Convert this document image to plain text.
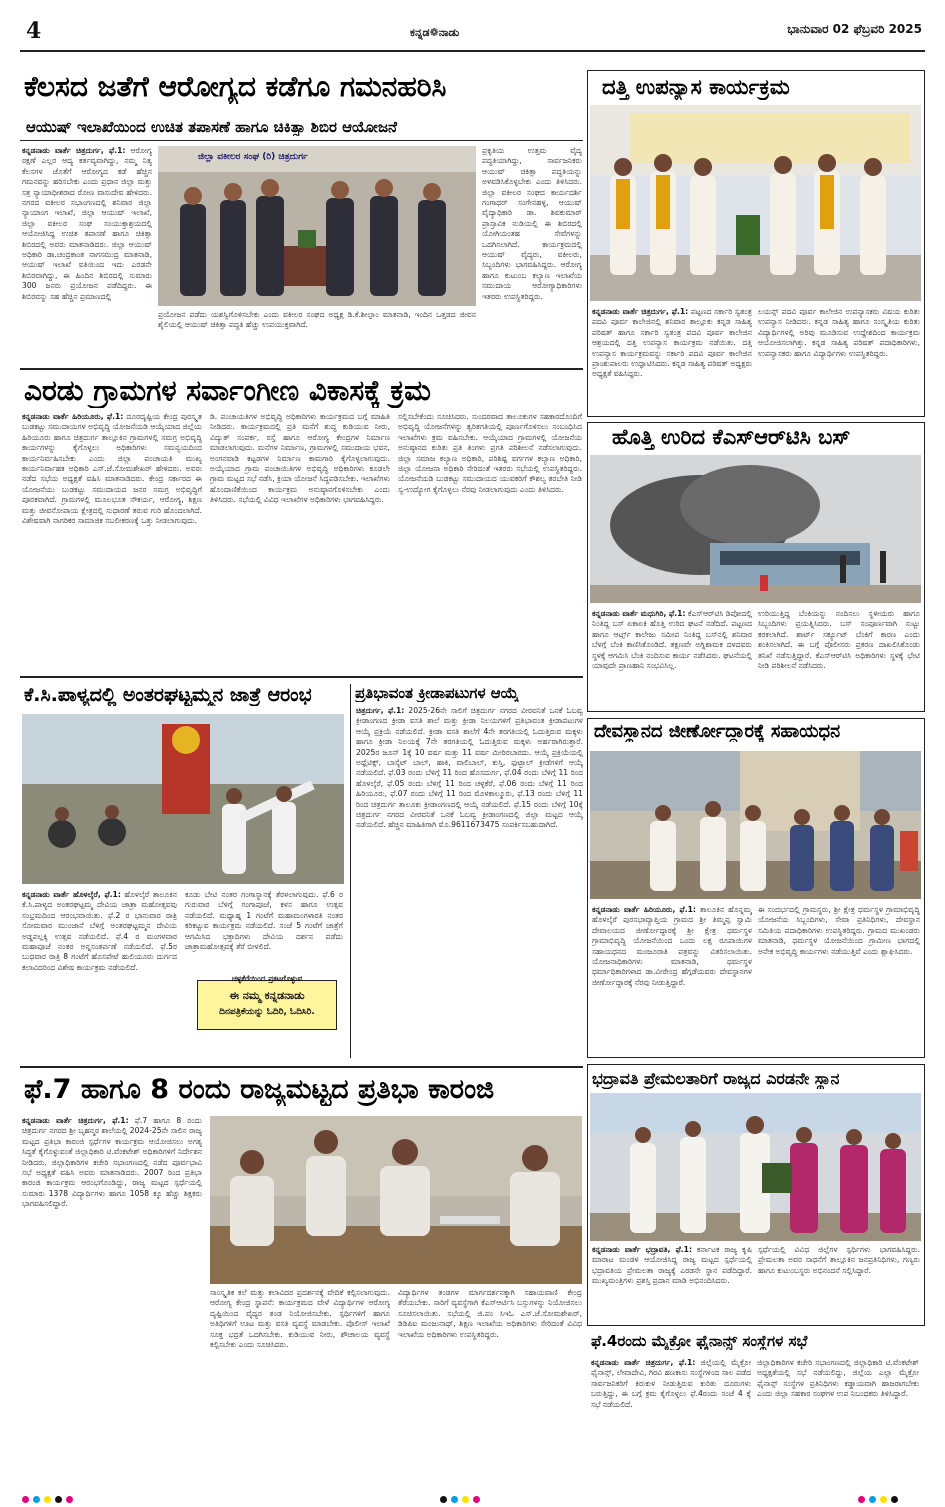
4	ಕನ್ನಡ❁ನಾಡು	ಭಾನುವಾರ 02 ಫೆಬ್ರವರಿ 2025
ಕೆಲಸದ ಜತೆಗೆ ಆರೋಗ್ಯದ ಕಡೆಗೂ ಗಮನಹರಿಸಿ
ಆಯುಷ್ ಇಲಾಖೆಯಿಂದ ಉಚಿತ ತಪಾಸಣೆ ಹಾಗೂ ಚಿಕಿತ್ಸಾ ಶಿಬಿರ ಆಯೋಜನೆ
ಕನ್ನಡನಾಡು ವಾರ್ತೆ ಚಿತ್ರದುರ್ಗ, ಫೆ.1: ಆರೋಗ್ಯ ರಕ್ಷಣೆ ಎಲ್ಲರ ಆದ್ಯ ಕರ್ತವ್ಯವಾಗಿದ್ದು, ನಮ್ಮ ನಿತ್ಯ ಕೆಲಸಗಳ ಜೊತೆಗೆ ಆರೋಗ್ಯದ ಕಡೆ ಹೆಚ್ಚಿನ ಗಮನವನ್ನು ಹರಿಸಬೇಕು ಎಂದು ಪ್ರಧಾನ ಜಿಲ್ಲಾ ಮತ್ತು ಸತ್ರ ನ್ಯಾಯಾಧೀಶರಾದ ರೋಣ ವಾಸುದೇವ ಹೇಳಿದರು. ನಗರದ ವಕೀಲರ ಸಭಾಂಗಣದಲ್ಲಿ ಶನಿವಾರ ಜಿಲ್ಲಾ ನ್ಯಾಯಾಂಗ ಇಲಾಖೆ, ಜಿಲ್ಲಾ ಆಯುಷ್ ಇಲಾಖೆ, ಜಿಲ್ಲಾ ವಕೀಲರ ಸಂಘ ಸಂಯುಕ್ತಾಶ್ರಯದಲ್ಲಿ ಆಯೋಜಿಸಿದ್ದ ಉಚಿತ ತಪಾಸಣೆ ಹಾಗೂ ಚಿಕಿತ್ಸಾ ಶಿಬಿರದಲ್ಲಿ ಅವರು ಮಾತನಾಡಿದರು. ಜಿಲ್ಲಾ ಆಯುಷ್ ಅಧಿಕಾರಿ ಡಾ.ಚಂದ್ರಕಾಂತ ನಾಗಸಮುದ್ರ ಮಾತನಾಡಿ, ಆಯುಷ್ ಇಲಾಖೆ ವತಿಯಿಂದ ಇದು ಎರಡನೇ ಶಿಬಿರವಾಗಿದ್ದು, ಈ ಹಿಂದಿನ ಶಿಬಿರದಲ್ಲಿ ಸುಮಾರು 300 ಜನರು ಪ್ರಯೋಜನ ಪಡೆದಿದ್ದರು. ಈ ಶಿಬಿರವನ್ನು ಸಹ ಹೆಚ್ಚಿನ ಪ್ರಮಾಣದಲ್ಲಿ
ಜಿಲ್ಲಾ ವಕೀಲರ ಸಂಘ (ರಿ) ಚಿತ್ರದುರ್ಗ
ಪ್ರಯೋಜನ ಪಡೆದು ಯಶಸ್ವಿಗೊಳಿಸಬೇಕು ಎಂದು ವಕೀಲರ ಸಂಘದ ಅಧ್ಯಕ್ಷ ಡಿ.ಕೆ.ಶೀಲ್ಪಾಂ ಮಾತನಾಡಿ, ಇಂದಿನ ಒತ್ತಡದ ಜೀವನ ಶೈಲಿಯಲ್ಲಿ ಆಯುಷ್ ಚಿಕಿತ್ಸಾ ಪದ್ಧತಿ ಹೆಚ್ಚು ಉಪಯುಕ್ತವಾಗಿದೆ.
ಪ್ರಕೃತಿಯ ಉತ್ತಮ ವೈದ್ಯ ಪದ್ಧತಿಯಾಗಿದ್ದು, ಸಾರ್ವಜನಿಕರು ಆಯುಷ್ ಚಿಕಿತ್ಸಾ ಪದ್ಧತಿಯನ್ನು ಅಳವಡಿಸಿಕೊಳ್ಳಬೇಕು ಎಂದು ತಿಳಿಸಿದರು. ಜಿಲ್ಲಾ ವಕೀಲರ ಸಂಘದ ಕಾರ್ಯದರ್ಶಿ ಗಂಗಾಧರ್ ಸಂಗೇನಹಳ್ಳಿ, ಆಯುಷ್ ವೈದ್ಯಾಧಿಕಾರಿ ಡಾ. ಶಿವಕುಮಾರ್ ಪ್ರಾಸ್ತಾವಿಕ ನುಡಿಯಲ್ಲಿ ಈ ಶಿಬಿರದಲ್ಲಿ ಯೋಗಿಯಂತಹ ಸೇವೆಗಳನ್ನು ಒದಗಿಸಲಾಗಿದೆ. ಕಾರ್ಯಕ್ರಮದಲ್ಲಿ ಆಯುಷ್ ವೈದ್ಯರು, ವಕೀಲರು, ಸಿಬ್ಬಂದಿಗಳು ಭಾಗವಹಿಸಿದ್ದರು. ಆರೋಗ್ಯ ಹಾಗೂ ಕುಟುಂಬ ಕಲ್ಯಾಣ ಇಲಾಖೆಯ ಸಮುದಾಯ ಆರೋಗ್ಯಾಧಿಕಾರಿಗಳು ಇತರರು ಉಪಸ್ಥಿತರಿದ್ದರು.
ದತ್ತಿ ಉಪನ್ಯಾಸ ಕಾರ್ಯಕ್ರಮ
ಕನ್ನಡನಾಡು ವಾರ್ತೆ ಚಿತ್ರದುರ್ಗ, ಫೆ.1: ಪಟ್ಟಣದ ಸರ್ಕಾರಿ ಸ್ವತಂತ್ರ ಪದವಿ ಪೂರ್ವ ಕಾಲೇಜಿನಲ್ಲಿ ಶನಿವಾರ ತಾಲ್ಲೂಕು ಕನ್ನಡ ಸಾಹಿತ್ಯ ಪರಿಷತ್ ಹಾಗೂ ಸರ್ಕಾರಿ ಸ್ವತಂತ್ರ ಪದವಿ ಪೂರ್ವ ಕಾಲೇಜಿನ ಆಶ್ರಯದಲ್ಲಿ ದತ್ತಿ ಉಪನ್ಯಾಸ ಕಾರ್ಯಕ್ರಮ ನಡೆಯಿತು. ದತ್ತಿ ಉಪನ್ಯಾಸ ಕಾರ್ಯಕ್ರಮವನ್ನು ಸರ್ಕಾರಿ ಪದವಿ ಪೂರ್ವ ಕಾಲೇಜಿನ ಪ್ರಾಂಶುಪಾಲರು ಉದ್ಘಾಟಿಸಿದರು. ಕನ್ನಡ ಸಾಹಿತ್ಯ ಪರಿಷತ್ ಅಧ್ಯಕ್ಷರು ಅಧ್ಯಕ್ಷತೆ ವಹಿಸಿದ್ದರು.
ಲಯನ್ಸ್ ಪದವಿ ಪೂರ್ವ ಕಾಲೇಜಿನ ಉಪನ್ಯಾಸಕರು ವಿಷಯ ಕುರಿತು ಉಪನ್ಯಾಸ ನೀಡಿದರು. ಕನ್ನಡ ಸಾಹಿತ್ಯ ಹಾಗೂ ಸಂಸ್ಕೃತಿಯ ಕುರಿತು ವಿದ್ಯಾರ್ಥಿಗಳಲ್ಲಿ ಅರಿವು ಮೂಡಿಸುವ ಉದ್ದೇಶದಿಂದ ಕಾರ್ಯಕ್ರಮ ಆಯೋಜಿಸಲಾಗಿತ್ತು. ಕನ್ನಡ ಸಾಹಿತ್ಯ ಪರಿಷತ್ ಪದಾಧಿಕಾರಿಗಳು, ಉಪನ್ಯಾಸಕರು ಹಾಗೂ ವಿದ್ಯಾರ್ಥಿಗಳು ಉಪಸ್ಥಿತರಿದ್ದರು.
ಎರಡು ಗ್ರಾಮಗಳ ಸರ್ವಾಂಗೀಣ ವಿಕಾಸಕ್ಕೆ ಕ್ರಮ
ಕನ್ನಡನಾಡು ವಾರ್ತೆ ಹಿರಿಯೂರು, ಫೆ.1: ದೂರದೃಷ್ಟಿಯ ಕೇಂದ್ರ ಪುರಸ್ಕೃತ ಬುಡಕಟ್ಟು ಸಮುದಾಯಗಳ ಅಭಿವೃದ್ಧಿ ಯೋಜನೆಯಡಿ ಆಯ್ಕೆಯಾದ ಜಿಲ್ಲೆಯ ಹಿರಿಯೂರು ಹಾಗೂ ಚಿತ್ರದುರ್ಗ ತಾಲ್ಲೂಕಿನ ಗ್ರಾಮಗಳಲ್ಲಿ ಸಮಗ್ರ ಅಭಿವೃದ್ಧಿ ಕಾರ್ಯಗಳನ್ನು ಕೈಗೊಳ್ಳಲು ಅಧಿಕಾರಿಗಳು ಸಮನ್ವಯದಿಂದ ಕಾರ್ಯನಿರ್ವಹಿಸಬೇಕು ಎಂದು ಜಿಲ್ಲಾ ಪಂಚಾಯತಿ ಮುಖ್ಯ ಕಾರ್ಯನಿರ್ವಾಹಕ ಅಧಿಕಾರಿ ಎಸ್.ಜೆ.ಸೋಮಶೇಖರ್ ಹೇಳಿದರು. ಅವರು ನಡೆದ ಸಭೆಯ ಅಧ್ಯಕ್ಷತೆ ವಹಿಸಿ ಮಾತನಾಡಿದರು. ಕೇಂದ್ರ ಸರ್ಕಾರದ ಈ ಯೋಜನೆಯು ಬುಡಕಟ್ಟು ಸಮುದಾಯದ ಜನರ ಸಮಗ್ರ ಅಭಿವೃದ್ಧಿಗೆ ಪೂರಕವಾಗಿದೆ. ಗ್ರಾಮಗಳಲ್ಲಿ ಮೂಲಭೂತ ಸೌಕರ್ಯ, ಆರೋಗ್ಯ, ಶಿಕ್ಷಣ ಮತ್ತು ಜೀವನೋಪಾಯ ಕ್ಷೇತ್ರದಲ್ಲಿ ಸುಧಾರಣೆ ತರುವ ಗುರಿ ಹೊಂದಲಾಗಿದೆ. ವಿಶೇಷವಾಗಿ ನಾಗರಿಕರ ಸಾಮಾಜಿಕ ಸಬಲೀಕರಣಕ್ಕೆ ಒತ್ತು ನೀಡಲಾಗುವುದು.
ಡಿ. ಪಂಚಾಯತಿಗಳ ಅಭಿವೃದ್ಧಿ ಅಧಿಕಾರಿಗಳು ಕಾರ್ಯಕ್ರಮದ ಬಗ್ಗೆ ಮಾಹಿತಿ ನೀಡಿದರು. ಕಾರ್ಯಕ್ರಮದಲ್ಲಿ ಪ್ರತಿ ಮನೆಗೆ ಶುದ್ಧ ಕುಡಿಯುವ ನೀರು, ವಿದ್ಯುತ್ ಸಂಪರ್ಕ, ರಸ್ತೆ ಹಾಗೂ ಆರೋಗ್ಯ ಕೇಂದ್ರಗಳ ನಿರ್ಮಾಣ ಮಾಡಲಾಗುವುದು. ಮನೆಗಳ ನಿರ್ಮಾಣ, ಗ್ರಾಮಗಳಲ್ಲಿ ಸಮುದಾಯ ಭವನ, ಅಂಗನವಾಡಿ ಕಟ್ಟಡಗಳ ನಿರ್ಮಾಣ ಕಾಮಗಾರಿ ಕೈಗೊಳ್ಳಲಾಗುವುದು. ಅಯ್ಕೆಯಾದ ಗ್ರಾಮ ಪಂಚಾಯಿತಿಗಳ ಅಭಿವೃದ್ಧಿ ಅಧಿಕಾರಿಗಳು ಕೂಡಲೇ ಗ್ರಾಮ ಮಟ್ಟದ ಸಭೆ ನಡೆಸಿ, ಕ್ರಿಯಾ ಯೋಜನೆ ಸಿದ್ಧಪಡಿಸಬೇಕು. ಇಲಾಖೆಗಳು ಹೊಂದಾಣಿಕೆಯಿಂದ ಕಾರ್ಯಕ್ರಮ ಅನುಷ್ಠಾನಗೊಳಿಸಬೇಕು ಎಂದು ತಿಳಿಸಿದರು. ಸಭೆಯಲ್ಲಿ ವಿವಿಧ ಇಲಾಖೆಗಳ ಅಧಿಕಾರಿಗಳು ಭಾಗವಹಿಸಿದ್ದರು.
ಸಲ್ಲಿಸಬೇಕೆಂದು ಸೂಚಿಸಿದರು. ಸುಂದರವಾದ ತಾಲೂಕುಗಳ ಸಹಕಾರದೊಂದಿಗೆ ಅಭಿವೃದ್ಧಿ ಯೋಜನೆಗಳನ್ನು ತ್ವರಿತಗತಿಯಲ್ಲಿ ಪೂರ್ಣಗೊಳಿಸಲು ಸಂಬಂಧಿಸಿದ ಇಲಾಖೆಗಳು ಕ್ರಮ ವಹಿಸಬೇಕು. ಆಯ್ಕೆಯಾದ ಗ್ರಾಮಗಳಲ್ಲಿ ಯೋಜನೆಯ ಅನುಷ್ಠಾನದ ಕುರಿತು ಪ್ರತಿ ತಿಂಗಳು ಪ್ರಗತಿ ಪರಿಶೀಲನೆ ನಡೆಸಲಾಗುವುದು. ಜಿಲ್ಲಾ ಸಮಾಜ ಕಲ್ಯಾಣ ಅಧಿಕಾರಿ, ಪರಿಶಿಷ್ಟ ವರ್ಗಗಳ ಕಲ್ಯಾಣ ಅಧಿಕಾರಿ, ಜಿಲ್ಲಾ ಯೋಜನಾ ಅಧಿಕಾರಿ ಸೇರಿದಂತೆ ಇತರರು ಸಭೆಯಲ್ಲಿ ಉಪಸ್ಥಿತರಿದ್ದರು. ಯೋಜನೆಯಡಿ ಬುಡಕಟ್ಟು ಸಮುದಾಯದ ಯುವಕರಿಗೆ ಕೌಶಲ್ಯ ತರಬೇತಿ ನೀಡಿ ಸ್ವ-ಉದ್ಯೋಗ ಕೈಗೊಳ್ಳಲು ನೆರವು ನೀಡಲಾಗುವುದು ಎಂದು ತಿಳಿಸಿದರು.
ಹೊತ್ತಿ ಉರಿದ ಕೆಎಸ್ಆರ್‌ಟಿಸಿ ಬಸ್
ಕನ್ನಡನಾಡು ವಾರ್ತೆ ಮಧುಗಿರಿ, ಫೆ.1: ಕೆಎಸ್ಆರ್‌ಟಿಸಿ ಡಿಪೋದಲ್ಲಿ ನಿಂತಿದ್ದ ಬಸ್ ಏಕಾಏಕಿ ಹೊತ್ತಿ ಉರಿದ ಘಟನೆ ನಡೆದಿದೆ. ಪಟ್ಟಣದ ಹಾಗೂ ಆರ್ಟ್ಸ್ ಕಾಲೇಜು ಸಮೀಪ ನಿಂತಿದ್ದ ಬಸ್‌ನಲ್ಲಿ ಶನಿವಾರ ಬೆಳಗ್ಗೆ ಬೆಂಕಿ ಕಾಣಿಸಿಕೊಂಡಿದೆ. ತಕ್ಷಣವೇ ಅಗ್ನಿಶಾಮಕ ದಳದವರು ಸ್ಥಳಕ್ಕೆ ಆಗಮಿಸಿ ಬೆಂಕಿ ನಂದಿಸುವ ಕಾರ್ಯ ನಡೆಸಿದರು. ಘಟನೆಯಲ್ಲಿ ಯಾವುದೇ ಪ್ರಾಣಹಾನಿ ಸಂಭವಿಸಿಲ್ಲ.
ಉರಿಯುತ್ತಿದ್ದ ಬೆಂಕಿಯನ್ನು ನಂದಿಸಲು ಸ್ಥಳೀಯರು ಹಾಗೂ ಸಿಬ್ಬಂದಿಗಳು ಪ್ರಯತ್ನಿಸಿದರು. ಬಸ್ ಸಂಪೂರ್ಣವಾಗಿ ಸುಟ್ಟು ಕರಕಲಾಗಿದೆ. ಶಾರ್ಟ್ ಸರ್ಕ್ಯೂಟ್ ಬೆಂಕಿಗೆ ಕಾರಣ ಎಂದು ಶಂಕಿಸಲಾಗಿದೆ. ಈ ಬಗ್ಗೆ ಪೊಲೀಸರು ಪ್ರಕರಣ ದಾಖಲಿಸಿಕೊಂಡು ತನಿಖೆ ನಡೆಸುತ್ತಿದ್ದಾರೆ. ಕೆಎಸ್ಆರ್‌ಟಿಸಿ ಅಧಿಕಾರಿಗಳು ಸ್ಥಳಕ್ಕೆ ಭೇಟಿ ನೀಡಿ ಪರಿಶೀಲನೆ ನಡೆಸಿದರು.
ಕೆ.ಸಿ.ಪಾಳ್ಯದಲ್ಲಿ ಅಂತರಘಟ್ಟಮ್ಮನ ಜಾತ್ರೆ ಆರಂಭ
ಕನ್ನಡನಾಡು ವಾರ್ತೆ ಹೊಳಲ್ಕೆರೆ, ಫೆ.1: ಹೊಳಲ್ಕೆರೆ ತಾಲೂಕಿನ ಕೆ.ಸಿ.ಪಾಳ್ಯದ ಅಂತರಘಟ್ಟಮ್ಮ ದೇವಿಯ ಜಾತ್ರಾ ಮಹೋತ್ಸವವು ಸಂಭ್ರಮದಿಂದ ಆರಂಭವಾಯಿತು. ಫೆ.2 ರ ಭಾನುವಾರ ರಾತ್ರಿ ಸೋಮವಾರ ಮುಂಜಾನೆ ಬೆಳಿಗ್ಗೆ ಅಂತರಘಟ್ಟಮ್ಮನ ದೇವಿಯ ಅಡ್ಡಪಲ್ಲಕ್ಕಿ ಉತ್ಸವ ನಡೆಯಲಿದೆ. ಫೆ.4 ರ ಮಂಗಳವಾರ ಮಹಾಪೂಜೆ ನಂತರ ಅನ್ನಸಂತರ್ಪಣೆ ನಡೆಯಲಿದೆ. ಫೆ.5ರ ಬುಧವಾರ ರಾತ್ರಿ 8 ಗಂಟೆಗೆ ಹೊಸಪೇಟೆ ಹುಲಿಯೂರು ದುರ್ಗದ ಕಲಾವಿದರಿಂದ ವಿಶೇಷ ಕಾರ್ಯಕ್ರಮ ನಡೆಯಲಿದೆ.
ಕೂಡು ಬೇಟಿ ನಂತರ ಗಂಗಾಸ್ನಾನಕ್ಕೆ ತೆರಳಲಾಗುವುದು. ಫೆ.6 ರ ಗುರುವಾರ ಬೆಳಿಗ್ಗೆ ಗಂಗಾಪೂಜೆ, ಕಳಸ ಹಾಗೂ ಉತ್ಸವ ನಡೆಯಲಿದೆ. ಮಧ್ಯಾಹ್ನ 1 ಗಂಟೆಗೆ ಮಹಾಮಂಗಳಾರತಿ ನಂತರ ಕರಿಕಟ್ಟುವ ಕಾರ್ಯಕ್ರಮ ನಡೆಯಲಿದೆ. ಸಂಜೆ 5 ಗಂಟೆಗೆ ಜಾತ್ರೆಗೆ ಆಗಮಿಸಿದ ಭಕ್ತಾದಿಗಳು ದೇವಿಯ ದರ್ಶನ ಪಡೆದು ಜಾತ್ರಾಮಹೋತ್ಸವಕ್ಕೆ ತೆರೆ ಬೀಳಲಿದೆ.
ಚಳ್ಳಕೆರೆಯಿಂದ ಪ್ರಕಟಗೊಳ್ಳುವ
ಈ ನಮ್ಮ ಕನ್ನಡನಾಡು
ದಿನಪತ್ರಿಕೆಯನ್ನು ಓದಿರಿ, ಓದಿಸಿರಿ.
ಪ್ರತಿಭಾವಂತ ಕ್ರೀಡಾಪಟುಗಳ ಆಯ್ಕೆ
ಚಿತ್ರದುರ್ಗ, ಫೆ.1: 2025-26ನೇ ಸಾಲಿಗೆ ಚಿತ್ರದುರ್ಗ ನಗರದ ವೀರವನಿತೆ ಒನಕೆ ಓಬವ್ವ ಕ್ರೀಡಾಂಗಣದ ಕ್ರೀಡಾ ವಸತಿ ಶಾಲೆ ಮತ್ತು ಕ್ರೀಡಾ ನಿಲಯಗಳಿಗೆ ಪ್ರತಿಭಾವಂತ ಕ್ರೀಡಾಪಟುಗಳ ಆಯ್ಕೆ ಪ್ರಕ್ರಿಯೆ ನಡೆಯಲಿದೆ. ಕ್ರೀಡಾ ವಸತಿ ಶಾಲೆಗೆ 4ನೇ ತರಗತಿಯಲ್ಲಿ ಓದುತ್ತಿರುವ ಮಕ್ಕಳು ಹಾಗೂ ಕ್ರೀಡಾ ನಿಲಯಕ್ಕೆ 7ನೇ ತರಗತಿಯಲ್ಲಿ ಓದುತ್ತಿರುವ ಮಕ್ಕಳು ಅರ್ಹರಾಗಿರುತ್ತಾರೆ. 2025ರ ಜೂನ್ 1ಕ್ಕೆ 10 ವರ್ಷ ಮತ್ತು 11 ವರ್ಷ ಮೀರಿರಬಾರದು. ಆಯ್ಕೆ ಪ್ರಕ್ರಿಯೆಯಲ್ಲಿ ಅಥ್ಲೆಟಿಕ್ಸ್, ಬಾಸ್ಕೆಟ್ ಬಾಲ್, ಹಾಕಿ, ವಾಲಿಬಾಲ್, ಕುಸ್ತಿ, ಫುಟ್ಬಾಲ್ ಕ್ರೀಡೆಗಳಿಗೆ ಆಯ್ಕೆ ನಡೆಯಲಿದೆ. ಫೆ.03 ರಂದು ಬೆಳಿಗ್ಗೆ 11 ರಿಂದ ಹೊಸದುರ್ಗ, ಫೆ.04 ರಂದು ಬೆಳಿಗ್ಗೆ 11 ರಿಂದ ಹೊಳಲ್ಕೆರೆ, ಫೆ.05 ರಂದು ಬೆಳಿಗ್ಗೆ 11 ರಿಂದ ಚಳ್ಳಕೆರೆ, ಫೆ.06 ರಂದು ಬೆಳಿಗ್ಗೆ 11 ರಿಂದ ಹಿರಿಯೂರು, ಫೆ.07 ರಂದು ಬೆಳಿಗ್ಗೆ 11 ರಿಂದ ಮೊಳಕಾಲ್ಮೂರು, ಫೆ.13 ರಂದು ಬೆಳಿಗ್ಗೆ 11 ರಿಂದ ಚಿತ್ರದುರ್ಗ ತಾಲೂಕು ಕ್ರೀಡಾಂಗಣದಲ್ಲಿ ಆಯ್ಕೆ ನಡೆಯಲಿದೆ. ಫೆ.15 ರಂದು ಬೆಳಿಗ್ಗೆ 10ಕ್ಕೆ ಚಿತ್ರದುರ್ಗ ನಗರದ ವೀರವನಿತೆ ಒನಕೆ ಓಬವ್ವ ಕ್ರೀಡಾಂಗಣದಲ್ಲಿ ಜಿಲ್ಲಾ ಮಟ್ಟದ ಆಯ್ಕೆ ನಡೆಯಲಿದೆ. ಹೆಚ್ಚಿನ ಮಾಹಿತಿಗಾಗಿ ಮೊ.9611673475 ಸಂಪರ್ಕಿಸಬಹುದಾಗಿದೆ.
ದೇವಸ್ಥಾನದ ಜೀರ್ಣೋದ್ಧಾರಕ್ಕೆ ಸಹಾಯಧನ
ಕನ್ನಡನಾಡು ವಾರ್ತೆ ಹಿರಿಯೂರು, ಫೆ.1: ತಾಲೂಕಿನ ಹೊನ್ನಮ್ಮ ಹೊಳಲ್ಕೆರೆ ಪುರಸಭಾವ್ಯಾಪ್ತಿಯ ಗ್ರಾಮದ ಶ್ರೀ ತಿಮ್ಮಪ್ಪ ಸ್ವಾಮಿ ದೇವಾಲಯದ ಜೀರ್ಣೋದ್ಧಾರಕ್ಕೆ ಶ್ರೀ ಕ್ಷೇತ್ರ ಧರ್ಮಸ್ಥಳ ಗ್ರಾಮಾಭಿವೃದ್ಧಿ ಯೋಜನೆಯಿಂದ ಒಂದು ಲಕ್ಷ ರೂಪಾಯಿಗಳ ಸಹಾಯಧನದ ಮಂಜೂರಾತಿ ಪತ್ರವನ್ನು ವಿತರಿಸಲಾಯಿತು. ಯೋಜನಾಧಿಕಾರಿಗಳು ಮಾತನಾಡಿ, ಧರ್ಮಸ್ಥಳ ಧರ್ಮಾಧಿಕಾರಿಗಳಾದ ಡಾ.ವೀರೇಂದ್ರ ಹೆಗ್ಗಡೆಯವರು ದೇವಸ್ಥಾನಗಳ ಜೀರ್ಣೋದ್ಧಾರಕ್ಕೆ ನೆರವು ನೀಡುತ್ತಿದ್ದಾರೆ.
ಈ ಸಂದರ್ಭದಲ್ಲಿ ಗ್ರಾಮಸ್ಥರು, ಶ್ರೀ ಕ್ಷೇತ್ರ ಧರ್ಮಸ್ಥಳ ಗ್ರಾಮಾಭಿವೃದ್ಧಿ ಯೋಜನೆಯ ಸಿಬ್ಬಂದಿಗಳು, ಸೇವಾ ಪ್ರತಿನಿಧಿಗಳು, ದೇವಸ್ಥಾನ ಸಮಿತಿಯ ಪದಾಧಿಕಾರಿಗಳು ಉಪಸ್ಥಿತರಿದ್ದರು. ಗ್ರಾಮದ ಮುಖಂಡರು ಮಾತನಾಡಿ, ಧರ್ಮಸ್ಥಳ ಯೋಜನೆಯಿಂದ ಗ್ರಾಮೀಣ ಭಾಗದಲ್ಲಿ ಅನೇಕ ಅಭಿವೃದ್ಧಿ ಕಾರ್ಯಗಳು ನಡೆಯುತ್ತಿವೆ ಎಂದು ಶ್ಲಾಘಿಸಿದರು.
ಫೆ.7 ಹಾಗೂ 8 ರಂದು ರಾಜ್ಯಮಟ್ಟದ ಪ್ರತಿಭಾ ಕಾರಂಜಿ
ಕನ್ನಡನಾಡು ವಾರ್ತೆ ಚಿತ್ರದುರ್ಗ, ಫೆ.1: ಫೆ.7 ಹಾಗೂ 8 ರಂದು ಚಿತ್ರದುರ್ಗ ನಗರದ ಶ್ರೀ ಬೃಹನ್ಮಠ ಶಾಲೆಯಲ್ಲಿ 2024-25ನೇ ಸಾಲಿನ ರಾಜ್ಯ ಮಟ್ಟದ ಪ್ರತಿಭಾ ಕಾರಂಜಿ ಸ್ಪರ್ಧೆಗಳ ಕಾರ್ಯಕ್ರಮ ಆಯೋಜಿಸಲು ಅಗತ್ಯ ಸಿದ್ಧತೆ ಕೈಗೊಳ್ಳುವಂತೆ ಜಿಲ್ಲಾಧಿಕಾರಿ ಟಿ.ವೆಂಕಟೇಶ್ ಅಧಿಕಾರಿಗಳಿಗೆ ನಿರ್ದೇಶನ ನೀಡಿದರು. ಜಿಲ್ಲಾಧಿಕಾರಿಗಳ ಕಚೇರಿ ಸಭಾಂಗಣದಲ್ಲಿ ನಡೆದ ಪೂರ್ವಭಾವಿ ಸಭೆ ಅಧ್ಯಕ್ಷತೆ ವಹಿಸಿ ಅವರು ಮಾತನಾಡಿದರು. 2007 ರಿಂದ ಪ್ರತಿಭಾ ಕಾರಂಜಿ ಕಾರ್ಯಕ್ರಮ ಆರಂಭಗೊಂಡಿದ್ದು, ರಾಜ್ಯ ಮಟ್ಟದ ಸ್ಪರ್ಧೆಯಲ್ಲಿ ಸುಮಾರು 1378 ವಿದ್ಯಾರ್ಥಿಗಳು ಹಾಗೂ 1058 ಕ್ಕೂ ಹೆಚ್ಚು ಶಿಕ್ಷಕರು ಭಾಗವಹಿಸಲಿದ್ದಾರೆ.
ಸಾಂಸ್ಕೃತಿಕ ಕಲೆ ಮತ್ತು ಕಲಾವಿದರ ಪ್ರದರ್ಶನಕ್ಕೆ ವೇದಿಕೆ ಕಲ್ಪಿಸಲಾಗುವುದು. ಆರೋಗ್ಯ ಕೇಂದ್ರ ಸ್ಥಾಪನೆ: ಕಾರ್ಯಕ್ರಮದ ವೇಳೆ ವಿದ್ಯಾರ್ಥಿಗಳ ಆರೋಗ್ಯ ದೃಷ್ಟಿಯಿಂದ ವೈದ್ಯರ ತಂಡ ನಿಯೋಜಿಸಬೇಕು. ಸ್ಪರ್ಧಿಗಳಿಗೆ ಹಾಗೂ ಅತಿಥಿಗಳಿಗೆ ಊಟ ಮತ್ತು ವಸತಿ ವ್ಯವಸ್ಥೆ ಮಾಡಬೇಕು. ಪೊಲೀಸ್ ಇಲಾಖೆ ಸೂಕ್ತ ಭದ್ರತೆ ಒದಗಿಸಬೇಕು. ಕುಡಿಯುವ ನೀರು, ಶೌಚಾಲಯ ವ್ಯವಸ್ಥೆ ಕಲ್ಪಿಸಬೇಕು ಎಂದು ಸೂಚಿಸಿದರು.
ವಿದ್ಯಾರ್ಥಿಗಳ ತಂಡಗಳ ಮಾರ್ಗದರ್ಶನಕ್ಕಾಗಿ ಸಹಾಯವಾಣಿ ಕೇಂದ್ರ ತೆರೆಯಬೇಕು. ಸಾರಿಗೆ ವ್ಯವಸ್ಥೆಗಾಗಿ ಕೆಎಸ್ಆರ್ಟಿಸಿ ಬಸ್ಸುಗಳನ್ನು ನಿಯೋಜಿಸಲು ಸೂಚಿಸಲಾಯಿತು. ಸಭೆಯಲ್ಲಿ ಜಿ.ಪಂ ಸಿಇಓ ಎಸ್.ಜೆ.ಸೋಮಶೇಖರ್, ಡಿಡಿಪಿಐ ಮಂಜುನಾಥ್, ಶಿಕ್ಷಣ ಇಲಾಖೆಯ ಅಧಿಕಾರಿಗಳು ಸೇರಿದಂತೆ ವಿವಿಧ ಇಲಾಖೆಯ ಅಧಿಕಾರಿಗಳು ಉಪಸ್ಥಿತರಿದ್ದರು.
ಭದ್ರಾವತಿ ಪ್ರೇಮಲತಾರಿಗೆ ರಾಜ್ಯದ ಎರಡನೇ ಸ್ಥಾನ
ಕನ್ನಡನಾಡು ವಾರ್ತೆ ಭದ್ರಾವತಿ, ಫೆ.1: ಕರ್ನಾಟಕ ರಾಜ್ಯ ಕೃಷಿ ಮಾರಾಟ ಮಂಡಳಿ ಆಯೋಜಿಸಿದ್ದ ರಾಜ್ಯ ಮಟ್ಟದ ಸ್ಪರ್ಧೆಯಲ್ಲಿ ಭದ್ರಾವತಿಯ ಪ್ರೇಮಲತಾ ರಾಜ್ಯಕ್ಕೆ ಎರಡನೇ ಸ್ಥಾನ ಪಡೆದಿದ್ದಾರೆ. ಮುಖ್ಯಮಂತ್ರಿಗಳು ಪ್ರಶಸ್ತಿ ಪ್ರದಾನ ಮಾಡಿ ಅಭಿನಂದಿಸಿದರು.
ಸ್ಪರ್ಧೆಯಲ್ಲಿ ವಿವಿಧ ಜಿಲ್ಲೆಗಳ ಸ್ಪರ್ಧಿಗಳು ಭಾಗವಹಿಸಿದ್ದರು. ಪ್ರೇಮಲತಾ ಅವರ ಸಾಧನೆಗೆ ತಾಲ್ಲೂಕಿನ ಜನಪ್ರತಿನಿಧಿಗಳು, ಗಣ್ಯರು ಹಾಗೂ ಕುಟುಂಬಸ್ಥರು ಅಭಿನಂದನೆ ಸಲ್ಲಿಸಿದ್ದಾರೆ.
ಫೆ.4ರಂದು ಮೈಕ್ರೋ ಫೈನಾನ್ಸ್ ಸಂಸ್ಥೆಗಳ ಸಭೆ
ಕನ್ನಡನಾಡು ವಾರ್ತೆ ಚಿತ್ರದುರ್ಗ, ಫೆ.1: ಜಿಲ್ಲೆಯಲ್ಲಿ ಮೈಕ್ರೋ ಫೈನಾನ್ಸ್, ಲೇವಾದೇವಿ, ಗಿರವಿ ಹಣಕಾಸು ಸಂಸ್ಥೆಗಳಿಂದ ಸಾಲ ಪಡೆದ ಸಾರ್ವಜನಿಕರಿಗೆ ಕಿರುಕುಳ ನೀಡುತ್ತಿರುವ ಕುರಿತು ದೂರುಗಳು ಬರುತ್ತಿದ್ದು, ಈ ಬಗ್ಗೆ ಕ್ರಮ ಕೈಗೊಳ್ಳಲು ಫೆ.4ರಂದು ಸಂಜೆ 4 ಕ್ಕೆ ಸಭೆ ನಡೆಯಲಿದೆ.
ಜಿಲ್ಲಾಧಿಕಾರಿಗಳ ಕಚೇರಿ ಸಭಾಂಗಣದಲ್ಲಿ ಜಿಲ್ಲಾಧಿಕಾರಿ ಟಿ.ವೆಂಕಟೇಶ್ ಅಧ್ಯಕ್ಷತೆಯಲ್ಲಿ ಸಭೆ ನಡೆಯಲಿದ್ದು, ಜಿಲ್ಲೆಯ ಎಲ್ಲಾ ಮೈಕ್ರೋ ಫೈನಾನ್ಸ್ ಸಂಸ್ಥೆಗಳ ಪ್ರತಿನಿಧಿಗಳು ಕಡ್ಡಾಯವಾಗಿ ಹಾಜರಾಗಬೇಕು ಎಂದು ಜಿಲ್ಲಾ ಸಹಕಾರ ಸಂಘಗಳ ಉಪ ನಿಬಂಧಕರು ತಿಳಿಸಿದ್ದಾರೆ.
